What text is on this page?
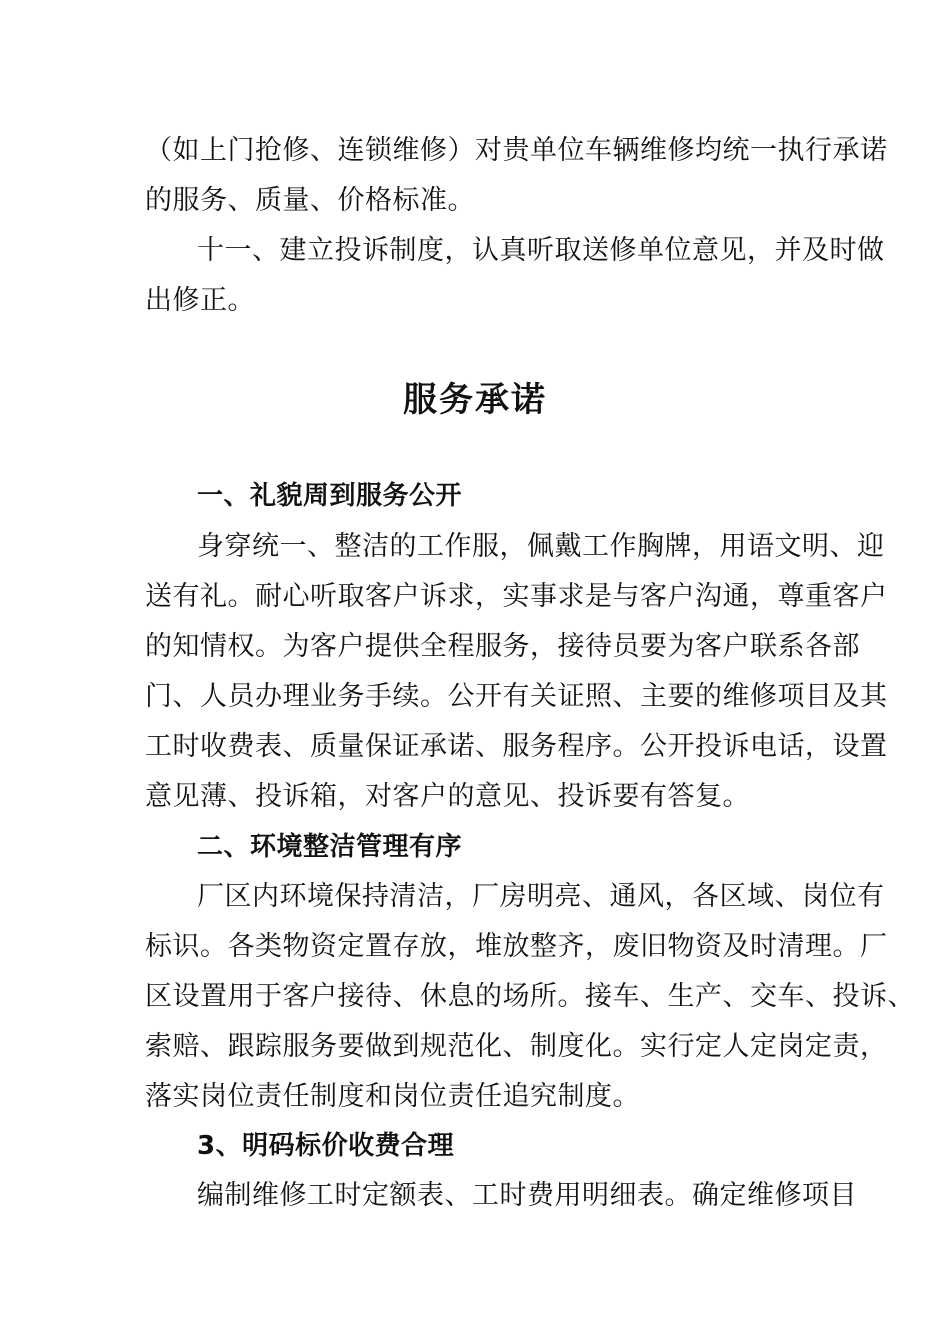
（如上门抢修、连锁维修）对贵单位车辆维修均统一执行承诺
的服务、质量、价格标准。
十一、建立投诉制度，认真听取送修单位意见，并及时做
出修正。
服务承诺
一、礼貌周到服务公开
身穿统一、整洁的工作服，佩戴工作胸牌，用语文明、迎
送有礼。耐心听取客户诉求，实事求是与客户沟通，尊重客户
的知情权。为客户提供全程服务，接待员要为客户联系各部
门、人员办理业务手续。公开有关证照、主要的维修项目及其
工时收费表、质量保证承诺、服务程序。公开投诉电话，设置
意见薄、投诉箱，对客户的意见、投诉要有答复。
二、环境整洁管理有序
厂区内环境保持清洁，厂房明亮、通风，各区域、岗位有
标识。各类物资定置存放，堆放整齐，废旧物资及时清理。厂
区设置用于客户接待、休息的场所。接车、生产、交车、投诉、
索赔、跟踪服务要做到规范化、制度化。实行定人定岗定责，
落实岗位责任制度和岗位责任追究制度。
3、明码标价收费合理
编制维修工时定额表、工时费用明细表。确定维修项目
